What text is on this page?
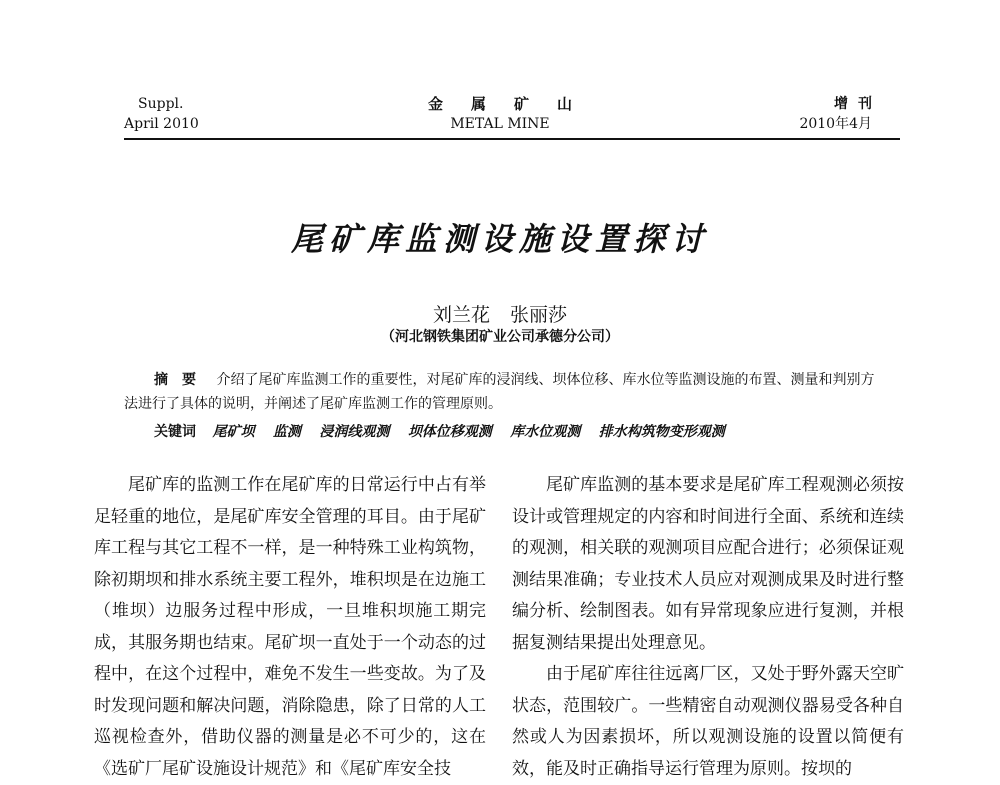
Suppl.
April 2010
金属矿山
METAL MINE
增刊
2010年4月
尾矿库监测设施设置探讨
刘兰花 张丽莎
（河北钢铁集团矿业公司承德分公司）
摘要 介绍了尾矿库监测工作的重要性，对尾矿库的浸润线、坝体位移、库水位等监测设施的布置、测量和判别方法进行了具体的说明，并阐述了尾矿库监测工作的管理原则。
关键词 尾矿坝 监测 浸润线观测 坝体位移观测 库水位观测 排水构筑物变形观测

尾矿库的监测工作在尾矿库的日常运行中占有举足轻重的地位，是尾矿库安全管理的耳目。由于尾矿库工程与其它工程不一样，是一种特殊工业构筑物，除初期坝和排水系统主要工程外，堆积坝是在边施工（堆坝）边服务过程中形成，一旦堆积坝施工期完成，其服务期也结束。尾矿坝一直处于一个动态的过程中，在这个过程中，难免不发生一些变故。为了及时发现问题和解决问题，消除隐患，除了日常的人工巡视检查外，借助仪器的测量是必不可少的，这在《选矿厂尾矿设施设计规范》和《尾矿库安全技

尾矿库监测的基本要求是尾矿库工程观测必须按设计或管理规定的内容和时间进行全面、系统和连续的观测，相关联的观测项目应配合进行；必须保证观测结果准确；专业技术人员应对观测成果及时进行整编分析、绘制图表。如有异常现象应进行复测，并根据复测结果提出处理意见。

由于尾矿库往往远离厂区，又处于野外露天空旷状态，范围较广。一些精密自动观测仪器易受各种自然或人为因素损坏，所以观测设施的设置以简便有效，能及时正确指导运行管理为原则。按坝的
